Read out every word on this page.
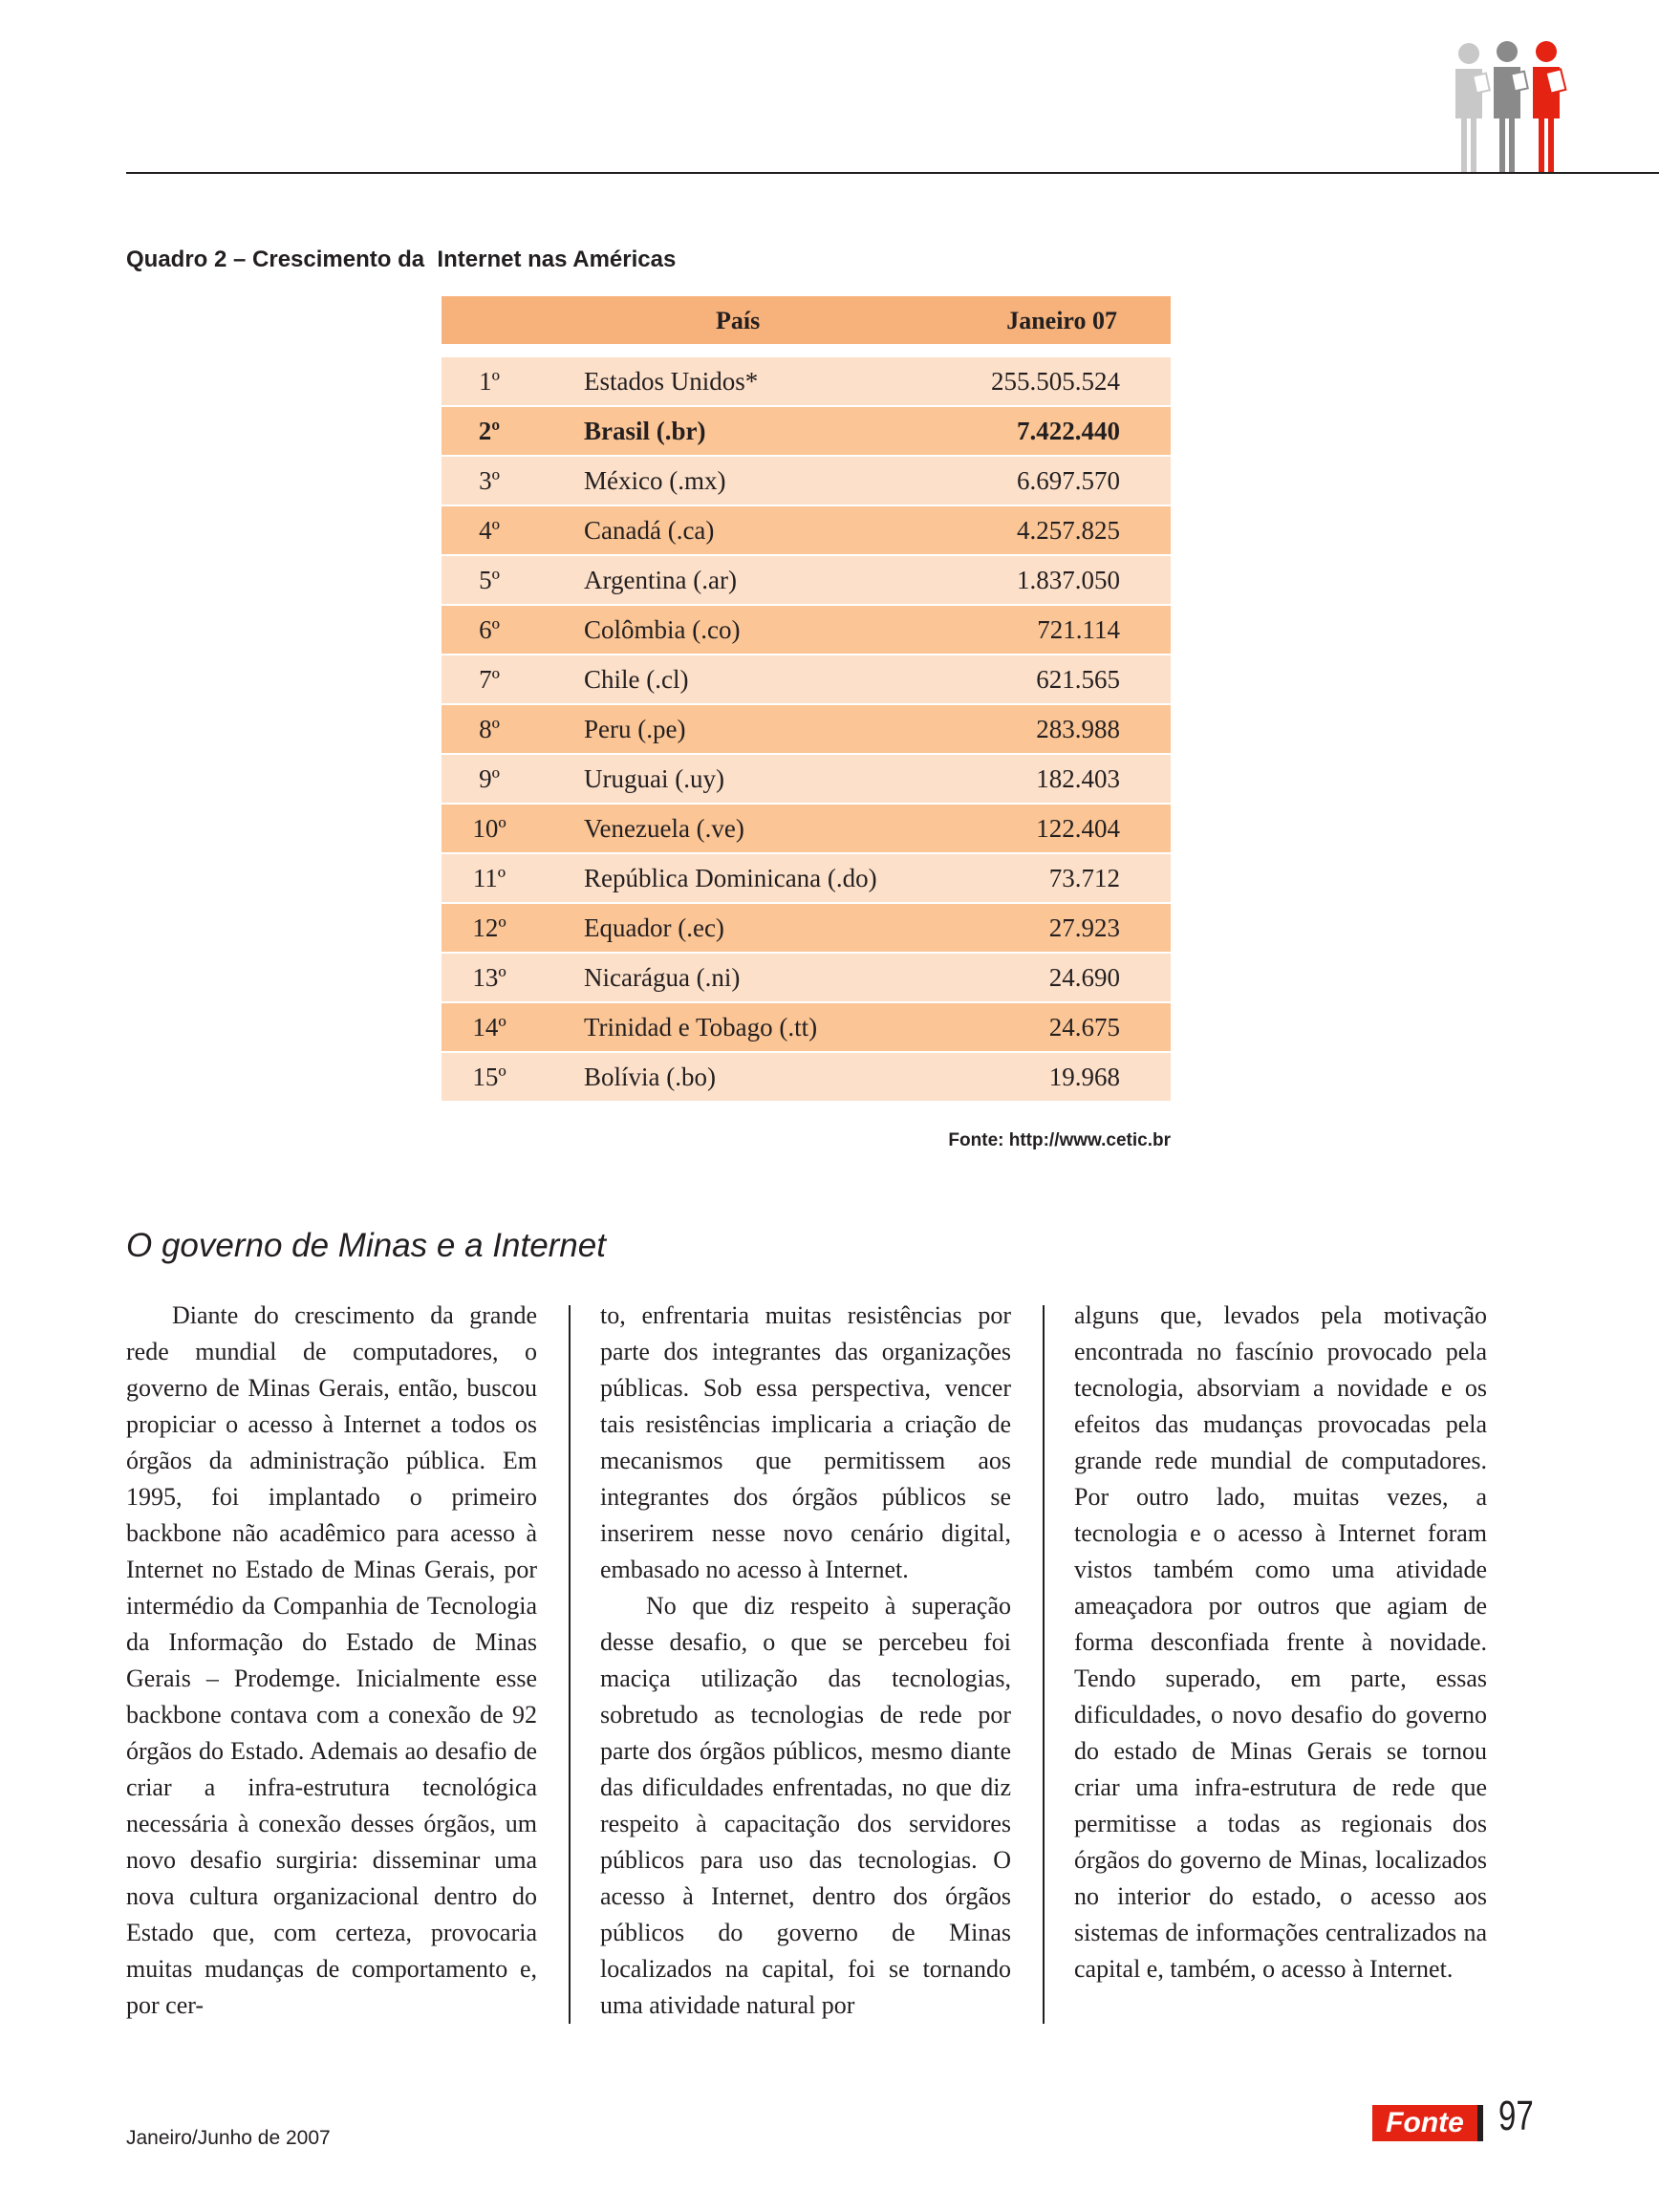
Quadro 2 – Crescimento da  Internet nas Américas
País	Janeiro 07
1º	Estados Unidos*	255.505.524
2º	Brasil (.br)	7.422.440
3º	México (.mx)	6.697.570
4º	Canadá (.ca)	4.257.825
5º	Argentina (.ar)	1.837.050
6º	Colômbia (.co)	721.114
7º	Chile (.cl)	621.565
8º	Peru (.pe)	283.988
9º	Uruguai (.uy)	182.403
10º	Venezuela (.ve)	122.404
11º	República Dominicana (.do)	73.712
12º	Equador (.ec)	27.923
13º	Nicarágua (.ni)	24.690
14º	Trinidad e Tobago (.tt)	24.675
15º	Bolívia (.bo)	19.968
Fonte: http://www.cetic.br
O governo de Minas e a Internet

Diante do crescimento da grande rede mundial de computadores, o governo de Minas Gerais, então, buscou propiciar o acesso à Internet a todos os órgãos da administração pública. Em 1995, foi implantado o primeiro backbone não acadêmico para acesso à Internet no Estado de Minas Gerais, por intermédio da Companhia de Tecnologia da Informação do Estado de Minas Gerais – Prodemge. Inicialmente esse backbone contava com a conexão de 92 órgãos do Estado. Ademais ao desafio de criar a infra-estrutura tecnológica necessária à conexão desses órgãos, um novo desafio surgiria: disseminar uma nova cultura organizacional dentro do Estado que, com certeza, provocaria muitas mudanças de comportamento e, por cer-

to, enfrentaria muitas resistências por parte dos integrantes das organizações públicas. Sob essa perspectiva, vencer tais resistências implicaria a criação de mecanismos que permitissem aos integrantes dos órgãos públicos se inserirem nesse novo cenário digital, embasado no acesso à Internet.

No que diz respeito à superação desse desafio, o que se percebeu foi maciça utilização das tecnologias, sobretudo as tecnologias de rede por parte dos órgãos públicos, mesmo diante das dificuldades enfrentadas, no que diz respeito à capacitação dos servidores públicos para uso das tecnologias. O acesso à Internet, dentro dos órgãos públicos do governo de Minas localizados na capital, foi se tornando uma atividade natural por

alguns que, levados pela motivação encontrada no fascínio provocado pela tecnologia, absorviam a novidade e os efeitos das mudanças provocadas pela grande rede mundial de computadores. Por outro lado, muitas vezes, a tecnologia e o acesso à Internet foram vistos também como uma atividade ameaçadora por outros que agiam de forma desconfiada frente à novidade. Tendo superado, em parte, essas dificuldades, o novo desafio do governo do estado de Minas Gerais se tornou criar uma infra-estrutura de rede que permitisse a todas as regionais dos órgãos do governo de Minas, localizados no interior do estado, o acesso aos sistemas de informações centralizados na capital e, também, o acesso à Internet.

Janeiro/Junho de 2007	Fonte 97
